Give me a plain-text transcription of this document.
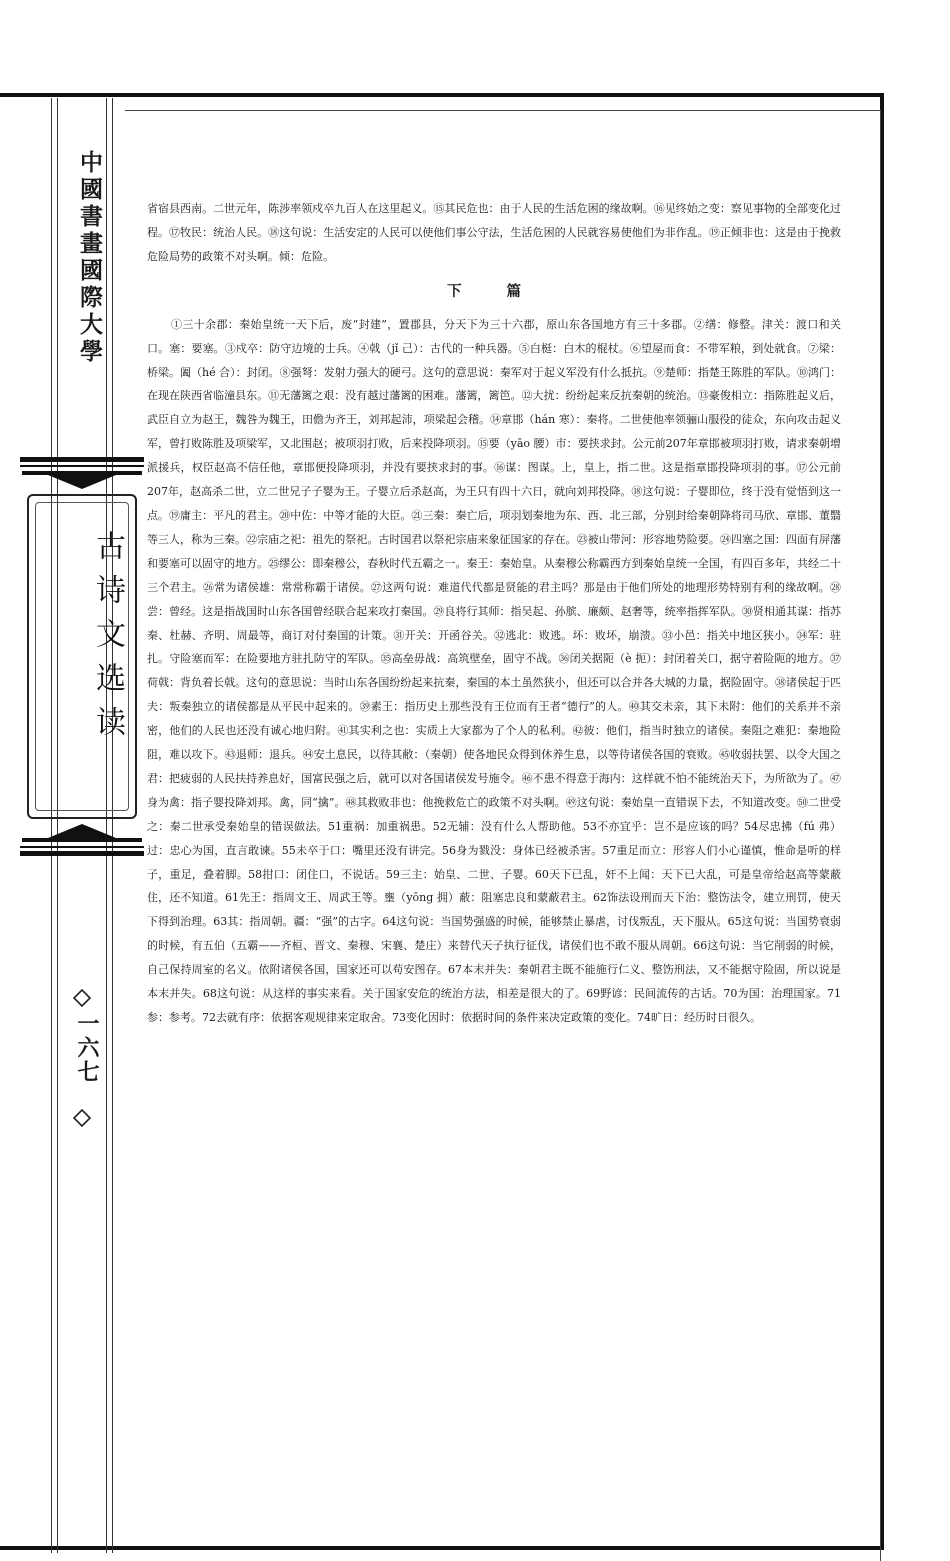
中國書畫國際大學
古诗文选读
一六七

省宿县西南。二世元年，陈涉率领戍卒九百人在这里起义。⑮其民危也：由于人民的生活危困的缘故啊。⑯见终始之变：察见事物的全部变化过程。⑰牧民：统治人民。⑱这句说：生活安定的人民可以使他们事公守法，生活危困的人民就容易使他们为非作乱。⑲正倾非也：这是由于挽救危险局势的政策不对头啊。倾：危险。

下 篇

①三十余郡：秦始皇统一天下后，废“封建”，置郡县，分天下为三十六郡，原山东各国地方有三十多郡。②缮：修整。津关：渡口和关口。塞：要塞。③戍卒：防守边境的士兵。④戟（jǐ 己）：古代的一种兵器。⑤白梃：白木的棍杖。⑥望屋而食：不带军粮，到处就食。⑦梁：桥梁。阖（hé 合）：封闭。⑧强弩：发射力强大的硬弓。这句的意思说：秦军对于起义军没有什么抵抗。⑨楚师：指楚王陈胜的军队。⑩鸿门：在现在陕西省临潼县东。⑪无藩篱之艰：没有越过藩篱的困难。藩篱，篱笆。⑫大扰：纷纷起来反抗秦朝的统治。⑬豪俊相立：指陈胜起义后，武臣自立为赵王，魏咎为魏王，田儋为齐王，刘邦起沛，项梁起会稽。⑭章邯（hán 寒）：秦将。二世使他率领骊山服役的徒众，东向攻击起义军，曾打败陈胜及项梁军，又北围赵；被项羽打败，后来投降项羽。⑮要（yāo 腰）市：要挟求封。公元前207年章邯被项羽打败，请求秦朝增派援兵，权臣赵高不信任他，章邯便投降项羽，并没有要挟求封的事。⑯谋：图谋。上，皇上，指二世。这是指章邯投降项羽的事。⑰公元前207年，赵高杀二世，立二世兄子子婴为王。子婴立后杀赵高，为王只有四十六日，就向刘邦投降。⑱这句说：子婴即位，终于没有觉悟到这一点。⑲庸主：平凡的君主。⑳中佐：中等才能的大臣。㉑三秦：秦亡后，项羽划秦地为东、西、北三部，分别封给秦朝降将司马欣、章邯、董翳等三人，称为三秦。㉒宗庙之祀：祖先的祭祀。古时国君以祭祀宗庙来象征国家的存在。㉓被山带河：形容地势险要。㉔四塞之国：四面有屏藩和要塞可以固守的地方。㉕缪公：即秦穆公，春秋时代五霸之一。秦王：秦始皇。从秦穆公称霸西方到秦始皇统一全国，有四百多年，共经二十三个君主。㉖常为诸侯雄：常常称霸于诸侯。㉗这两句说：难道代代都是贤能的君主吗？那是由于他们所处的地理形势特别有利的缘故啊。㉘尝：曾经。这是指战国时山东各国曾经联合起来攻打秦国。㉙良将行其师：指吴起、孙膑、廉颇、赵奢等，统率指挥军队。㉚贤相通其谋：指苏秦、杜赫、齐明、周最等，商订对付秦国的计策。㉛开关：开函谷关。㉜逃北：败逃。坏：败坏，崩溃。㉝小邑：指关中地区狭小。㉞军：驻扎。守险塞而军：在险要地方驻扎防守的军队。㉟高垒毋战：高筑壁垒，固守不战。㊱闭关据阨（è 扼）：封闭着关口，据守着险阨的地方。㊲荷戟：背负着长戟。这句的意思说：当时山东各国纷纷起来抗秦，秦国的本土虽然狭小，但还可以合并各大城的力量，据险固守。㊳诸侯起于匹夫：叛秦独立的诸侯都是从平民中起来的。㊴素王：指历史上那些没有王位而有王者“德行”的人。㊵其交未亲，其下未附：他们的关系并不亲密，他们的人民也还没有诚心地归附。㊶其实利之也：实质上大家都为了个人的私利。㊷彼：他们，指当时独立的诸侯。秦阻之难犯：秦地险阻，难以攻下。㊸退师：退兵。㊹安土息民，以待其敝：（秦朝）使各地民众得到休养生息，以等待诸侯各国的衰败。㊺收弱扶罢、以令大国之君：把疲弱的人民扶持养息好，国富民强之后，就可以对各国诸侯发号施令。㊻不患不得意于海内：这样就不怕不能统治天下，为所欲为了。㊼身为禽：指子婴投降刘邦。禽，同“擒”。㊽其救败非也：他挽救危亡的政策不对头啊。㊾这句说：秦始皇一直错误下去，不知道改变。㊿二世受之：秦二世承受秦始皇的错误做法。51重祸：加重祸患。52无辅：没有什么人帮助他。53不亦宜乎：岂不是应该的吗？54尽忠拂（fú 弗）过：忠心为国，直言敢谏。55未卒于口：嘴里还没有讲完。56身为戮没：身体已经被杀害。57重足而立：形容人们小心谨慎，惟命是听的样子，重足，叠着脚。58拑口：闭住口，不说话。59三主：始皇、二世、子婴。60天下已乱，奸不上闻：天下已大乱，可是皇帝给赵高等蒙蔽住，还不知道。61先王：指周文王、周武王等。壅（yōng 拥）蔽：阻塞忠良和蒙蔽君主。62饰法设刑而天下治：整饬法令，建立刑罚，使天下得到治理。63其：指周朝。疆：“强”的古字。64这句说：当国势强盛的时候，能够禁止暴虐，讨伐叛乱，天下服从。65这句说：当国势衰弱的时候，有五伯（五霸——齐桓、晋文、秦穆、宋襄、楚庄）来替代天子执行征伐，诸侯们也不敢不服从周朝。66这句说：当它削弱的时候，自己保持周室的名义。依附诸侯各国，国家还可以苟安图存。67本末并失：秦朝君主既不能施行仁义、整饬刑法，又不能据守险固，所以说是本末并失。68这句说：从这样的事实来看。关于国家安危的统治方法，相差是很大的了。69野谚：民间流传的古话。70为国：治理国家。71参：参考。72去就有序：依据客观规律来定取舍。73变化因时：依据时间的条件来决定政策的变化。74旷日：经历时日很久。
